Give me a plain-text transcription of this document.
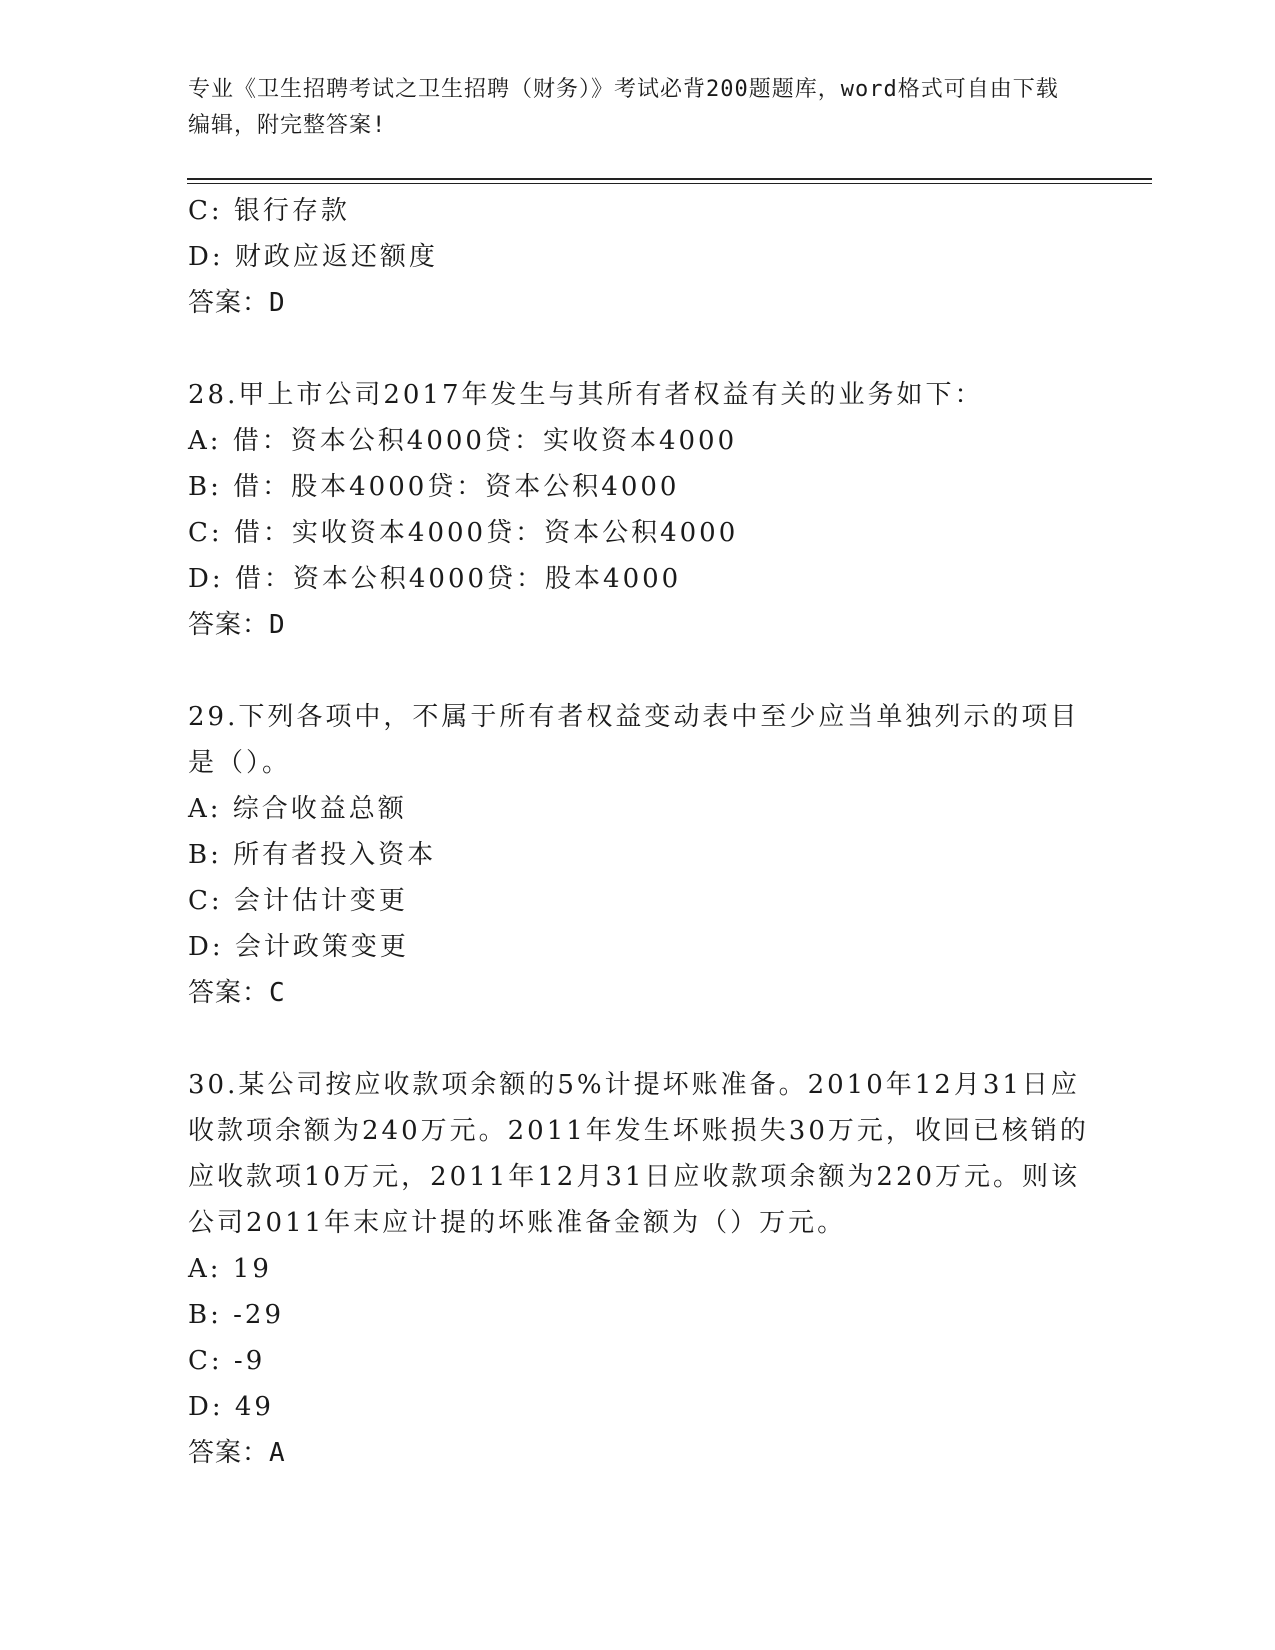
专业《卫生招聘考试之卫生招聘（财务）》考试必背200题题库，word格式可自由下载编辑，附完整答案!
C: 银行存款
D: 财政应返还额度
答案：D
28.甲上市公司2017年发生与其所有者权益有关的业务如下：
A: 借：资本公积4000贷：实收资本4000
B: 借：股本4000贷：资本公积4000
C: 借：实收资本4000贷：资本公积4000
D: 借：资本公积4000贷：股本4000
答案：D
29.下列各项中，不属于所有者权益变动表中至少应当单独列示的项目
是（）。
A: 综合收益总额
B: 所有者投入资本
C: 会计估计变更
D: 会计政策变更
答案：C
30.某公司按应收款项余额的5%计提坏账准备。2010年12月31日应
收款项余额为240万元。2011年发生坏账损失30万元，收回已核销的
应收款项10万元，2011年12月31日应收款项余额为220万元。则该
公司2011年末应计提的坏账准备金额为（）万元。
A: 19
B: -29
C: -9
D: 49
答案：A
